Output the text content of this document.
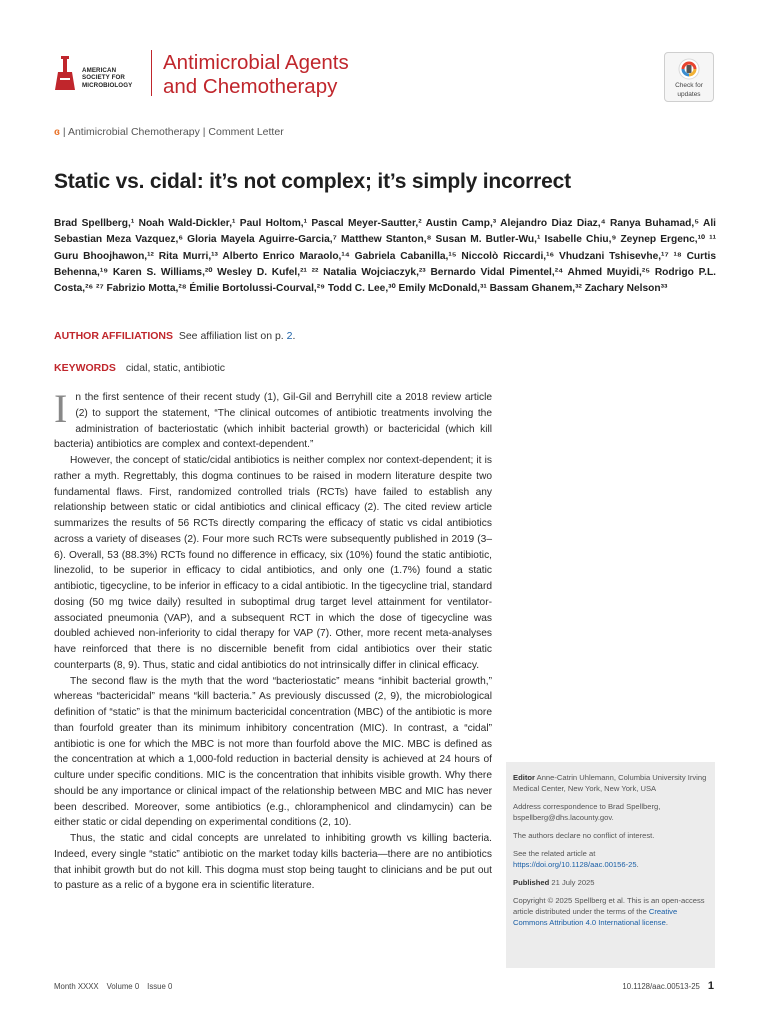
AMERICAN
SOCIETY FOR
MICROBIOLOGY
Antimicrobial Agents
and Chemotherapy	Check for
updates
ɞ | Antimicrobial Chemotherapy | Comment Letter
Static vs. cidal: it’s not complex; it’s simply incorrect
Brad Spellberg,¹ Noah Wald-Dickler,¹ Paul Holtom,¹ Pascal Meyer-Sautter,² Austin Camp,³ Alejandro Diaz Diaz,⁴ Ranya Buhamad,⁵ Ali Sebastian Meza Vazquez,⁶ Gloria Mayela Aguirre-Garcia,⁷ Matthew Stanton,⁸ Susan M. Butler-Wu,¹ Isabelle Chiu,⁹ Zeynep Ergenc,¹⁰ ¹¹ Guru Bhoojhawon,¹² Rita Murri,¹³ Alberto Enrico Maraolo,¹⁴ Gabriela Cabanilla,¹⁵ Niccolò Riccardi,¹⁶ Vhudzani Tshisevhe,¹⁷ ¹⁸ Curtis Behenna,¹⁹ Karen S. Williams,²⁰ Wesley D. Kufel,²¹ ²² Natalia Wojciaczyk,²³ Bernardo Vidal Pimentel,²⁴ Ahmed Muyidi,²⁵ Rodrigo P.L. Costa,²⁶ ²⁷ Fabrizio Motta,²⁸ Émilie Bortolussi-Courval,²⁹ Todd C. Lee,³⁰ Emily McDonald,³¹ Bassam Ghanem,³² Zachary Nelson³³
AUTHOR AFFILIATIONS See affiliation list on p. 2.
KEYWORDS cidal, static, antibiotic

In the first sentence of their recent study (1), Gil-Gil and Berryhill cite a 2018 review article (2) to support the statement, “The clinical outcomes of antibiotic treatments involving the administration of bacteriostatic (which inhibit bacterial growth) or bactericidal (which kill bacteria) antibiotics are complex and context-dependent.”

However, the concept of static/cidal antibiotics is neither complex nor context-dependent; it is rather a myth. Regrettably, this dogma continues to be raised in modern literature despite two fundamental flaws. First, randomized controlled trials (RCTs) have failed to establish any relationship between static or cidal antibiotics and clinical efficacy (2). The cited review article summarizes the results of 56 RCTs directly comparing the efficacy of static vs cidal antibiotics across a variety of diseases (2). Four more such RCTs were subsequently published in 2019 (3–6). Overall, 53 (88.3%) RCTs found no difference in efficacy, six (10%) found the static antibiotic, linezolid, to be superior in efficacy to cidal antibiotics, and only one (1.7%) found a static antibiotic, tigecycline, to be inferior in efficacy to a cidal antibiotic. In the tigecycline trial, standard dosing (50 mg twice daily) resulted in suboptimal drug target level attainment for ventilator-associated pneumonia (VAP), and a subsequent RCT in which the dose of tigecycline was doubled achieved non-inferiority to cidal therapy for VAP (7). Other, more recent meta-analyses have reinforced that there is no discernible benefit from cidal antibiotics over their static counterparts (8, 9). Thus, static and cidal antibiotics do not intrinsically differ in clinical efficacy.

The second flaw is the myth that the word “bacteriostatic” means “inhibit bacterial growth,” whereas “bactericidal” means “kill bacteria.” As previously discussed (2, 9), the microbiological definition of “static” is that the minimum bactericidal concentration (MBC) of the antibiotic is more than fourfold greater than its minimum inhibitory concentration (MIC). In contrast, a “cidal” antibiotic is one for which the MBC is not more than fourfold above the MIC. MBC is defined as the concentration at which a 1,000-fold reduction in bacterial density is achieved at 24 hours of culture under specific conditions. MIC is the concentration that inhibits visible growth. Why there should be any importance or clinical impact of the relationship between MBC and MIC has never been described. Moreover, some antibiotics (e.g., chloramphenicol and clindamycin) can be either static or cidal depending on experimental conditions (2, 10).

Thus, the static and cidal concepts are unrelated to inhibiting growth vs killing bacteria. Indeed, every single “static” antibiotic on the market today kills bacteria—there are no antibiotics that inhibit growth but do not kill. This dogma must stop being taught to clinicians and be put out to pasture as a relic of a bygone era in scientific literature.

Editor Anne-Catrin Uhlemann, Columbia University Irving Medical Center, New York, New York, USA

Address correspondence to Brad Spellberg, bspellberg@dhs.lacounty.gov.

The authors declare no conflict of interest.

See the related article at https://doi.org/10.1128/aac.00156-25.

Published 21 July 2025

Copyright © 2025 Spellberg et al. This is an open-access article distributed under the terms of the Creative Commons Attribution 4.0 International license.

Month XXXX Volume 0 Issue 0	10.1128/aac.00513-25 1
